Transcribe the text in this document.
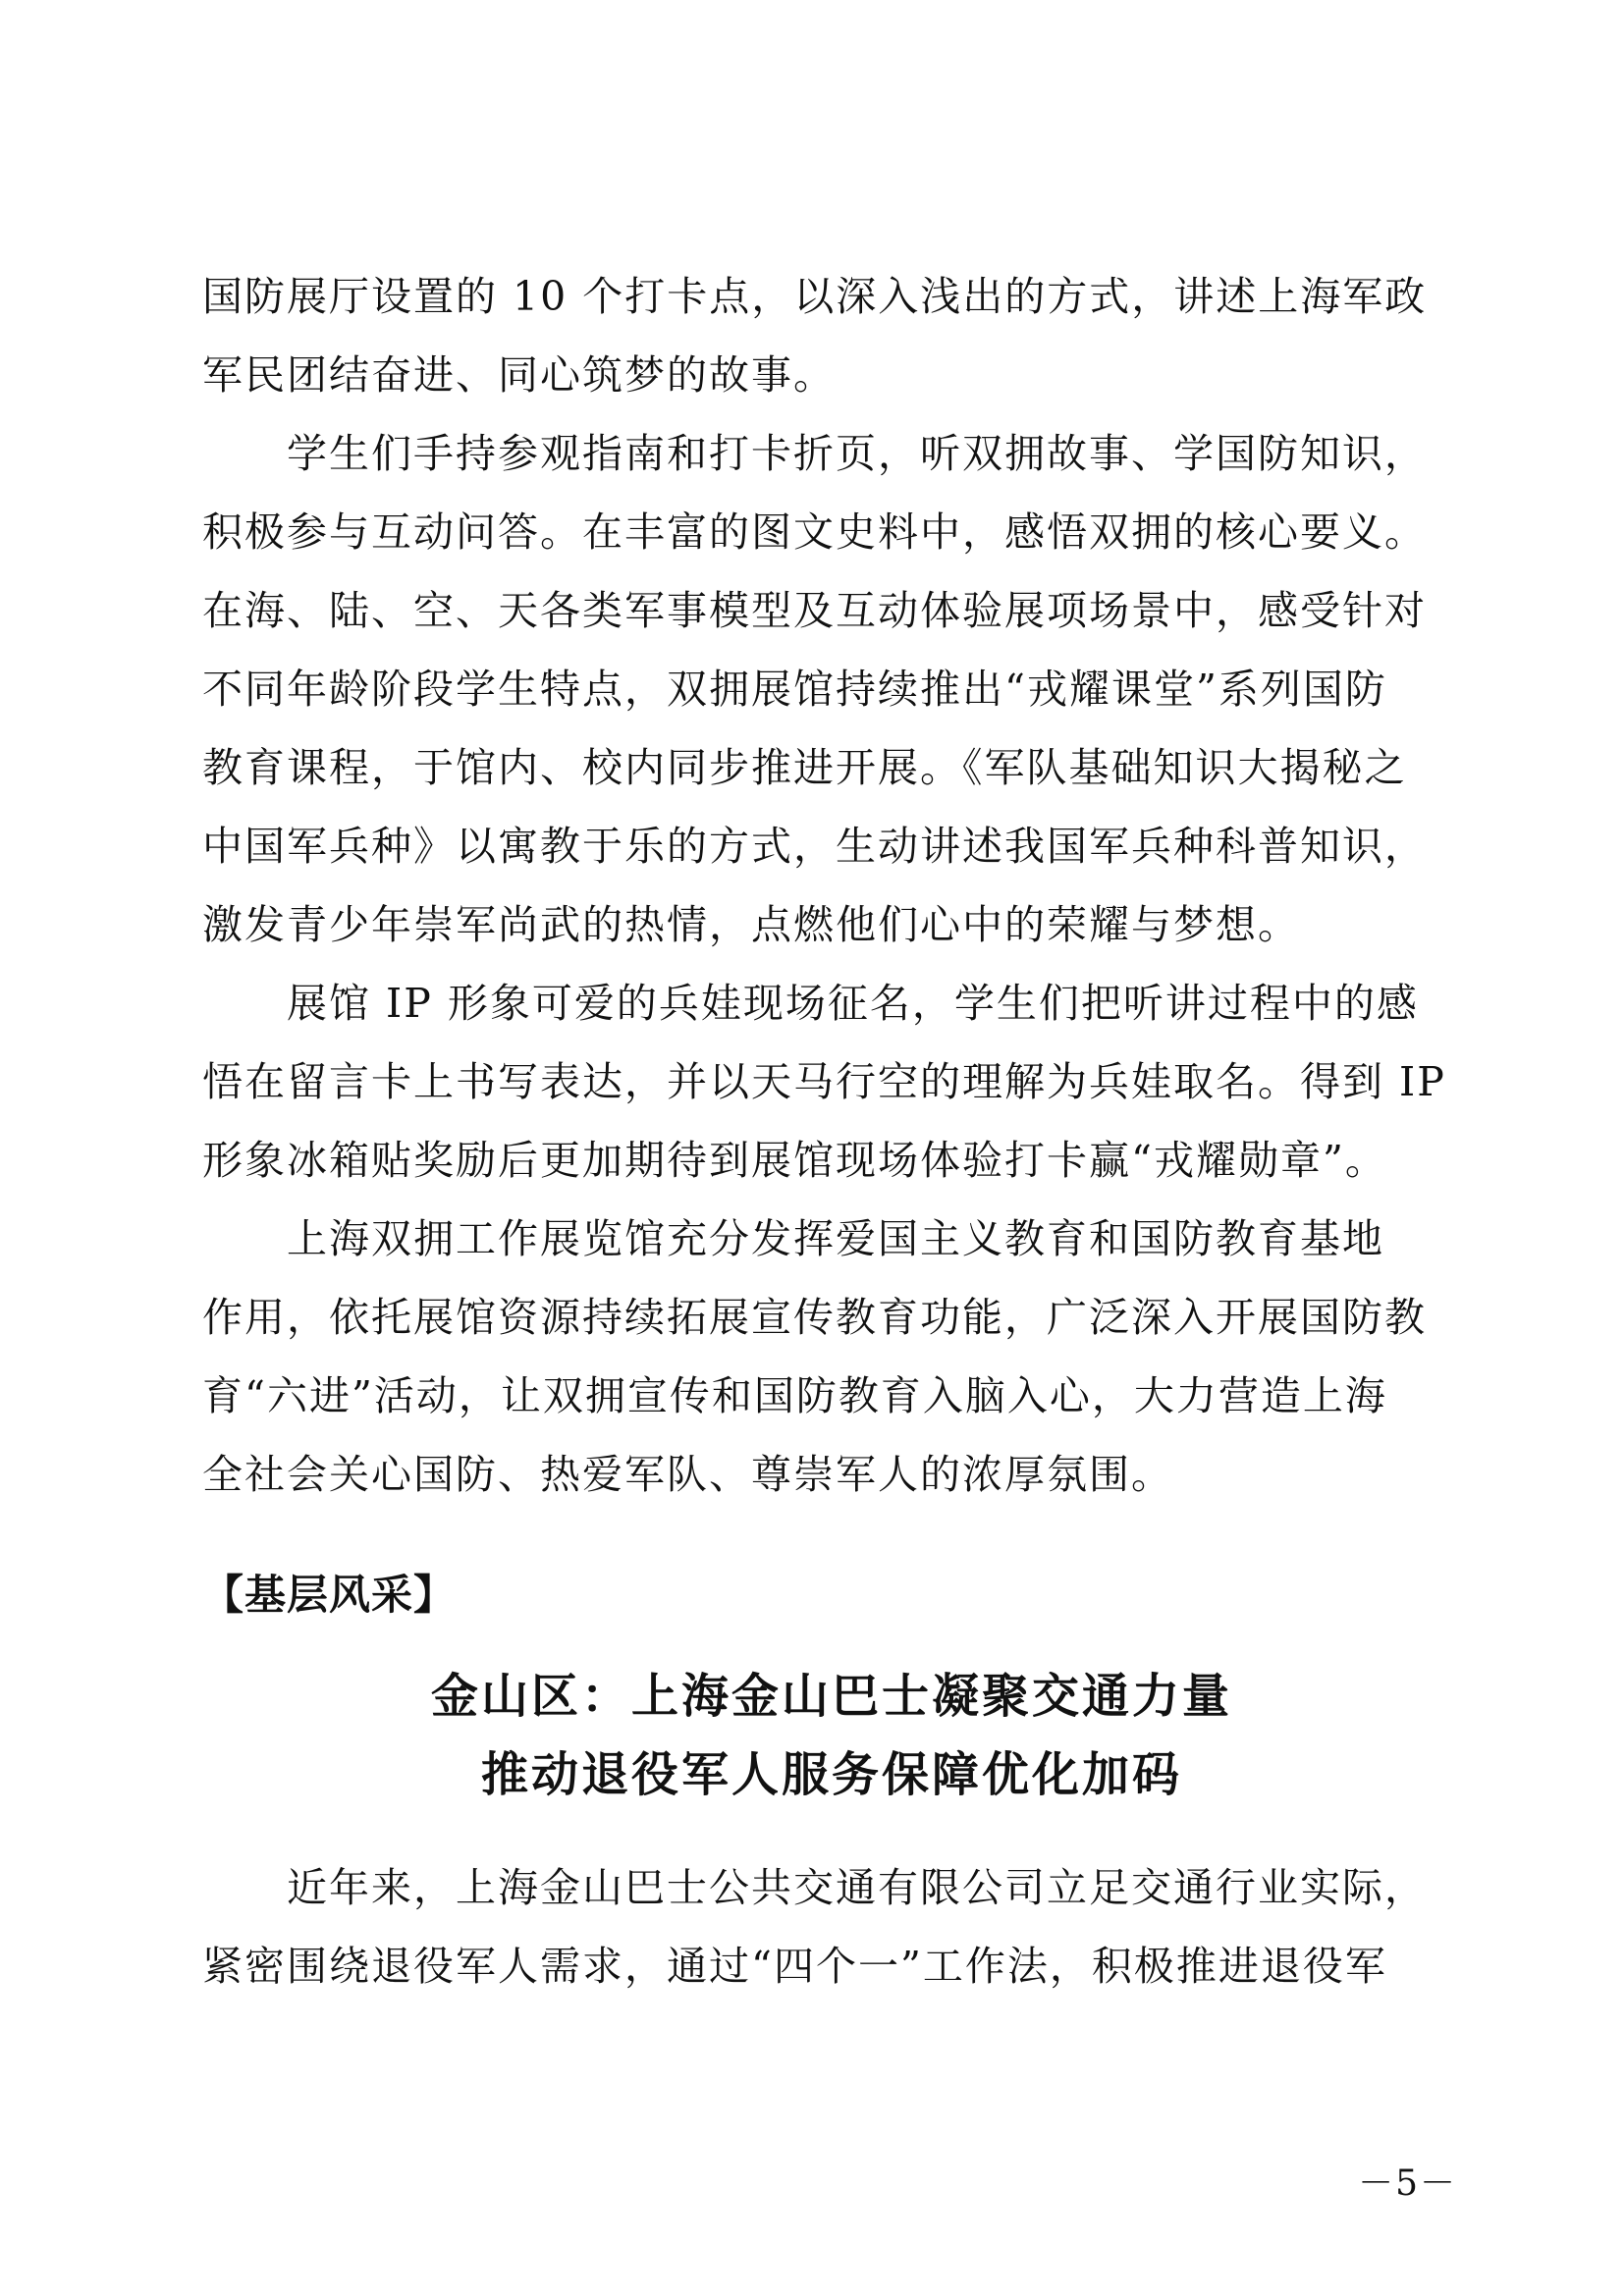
国防展厅设置的 10 个打卡点，以深入浅出的方式，讲述上海军政
军民团结奋进、同心筑梦的故事。
　　学生们手持参观指南和打卡折页，听双拥故事、学国防知识，
积极参与互动问答。在丰富的图文史料中，感悟双拥的核心要义。
在海、陆、空、天各类军事模型及互动体验展项场景中，感受针对
不同年龄阶段学生特点，双拥展馆持续推出“戎耀课堂”系列国防
教育课程，于馆内、校内同步推进开展。《军队基础知识大揭秘之
中国军兵种》以寓教于乐的方式，生动讲述我国军兵种科普知识，
激发青少年崇军尚武的热情，点燃他们心中的荣耀与梦想。
　　展馆 IP 形象可爱的兵娃现场征名，学生们把听讲过程中的感
悟在留言卡上书写表达，并以天马行空的理解为兵娃取名。得到 IP
形象冰箱贴奖励后更加期待到展馆现场体验打卡赢“戎耀勋章”。
　　上海双拥工作展览馆充分发挥爱国主义教育和国防教育基地
作用，依托展馆资源持续拓展宣传教育功能，广泛深入开展国防教
育“六进”活动，让双拥宣传和国防教育入脑入心，大力营造上海
全社会关心国防、热爱军队、尊崇军人的浓厚氛围。
【基层风采】
金山区：上海金山巴士凝聚交通力量
推动退役军人服务保障优化加码
　　近年来，上海金山巴士公共交通有限公司立足交通行业实际，
紧密围绕退役军人需求，通过“四个一”工作法，积极推进退役军
－5－
